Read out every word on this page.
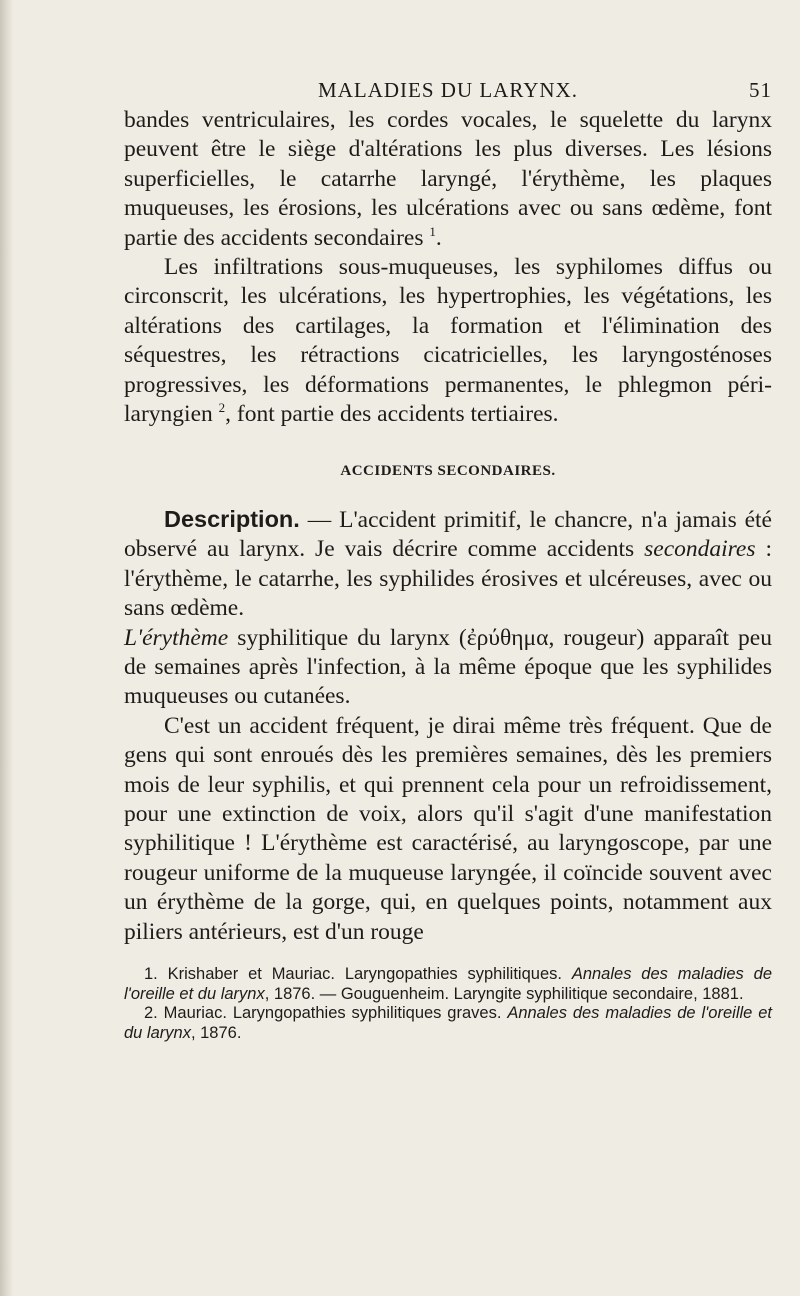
MALADIES DU LARYNX.	51

bandes ventriculaires, les cordes vocales, le squelette du larynx peuvent être le siège d'altérations les plus diverses. Les lésions superficielles, le catarrhe laryngé, l'érythème, les plaques muqueuses, les érosions, les ulcérations avec ou sans œdème, font partie des accidents secondaires $^1$.

Les infiltrations sous-muqueuses, les syphilomes diffus ou circonscrit, les ulcérations, les hypertrophies, les végétations, les altérations des cartilages, la formation et l'élimination des séquestres, les rétractions cicatricielles, les laryngosténoses progressives, les déformations permanentes, le phlegmon péri-laryngien $^2$, font partie des accidents tertiaires.

ACCIDENTS SECONDAIRES.

Description. — L'accident primitif, le chancre, n'a jamais été observé au larynx. Je vais décrire comme accidents secondaires : l'érythème, le catarrhe, les syphilides érosives et ulcéreuses, avec ou sans œdème.
L'érythème syphilitique du larynx (ἐρύθημα, rougeur) apparaît peu de semaines après l'infection, à la même époque que les syphilides muqueuses ou cutanées.

C'est un accident fréquent, je dirai même très fréquent. Que de gens qui sont enroués dès les premières semaines, dès les premiers mois de leur syphilis, et qui prennent cela pour un refroidissement, pour une extinction de voix, alors qu'il s'agit d'une manifestation syphilitique ! L'érythème est caractérisé, au laryngoscope, par une rougeur uniforme de la muqueuse laryngée, il coïncide souvent avec un érythème de la gorge, qui, en quelques points, notamment aux piliers antérieurs, est d'un rouge

1. Krishaber et Mauriac. Laryngopathies syphilitiques. Annales des maladies de l'oreille et du larynx, 1876. — Gouguenheim. Laryngite syphilitique secondaire, 1881.

2. Mauriac. Laryngopathies syphilitiques graves. Annales des maladies de l'oreille et du larynx, 1876.
